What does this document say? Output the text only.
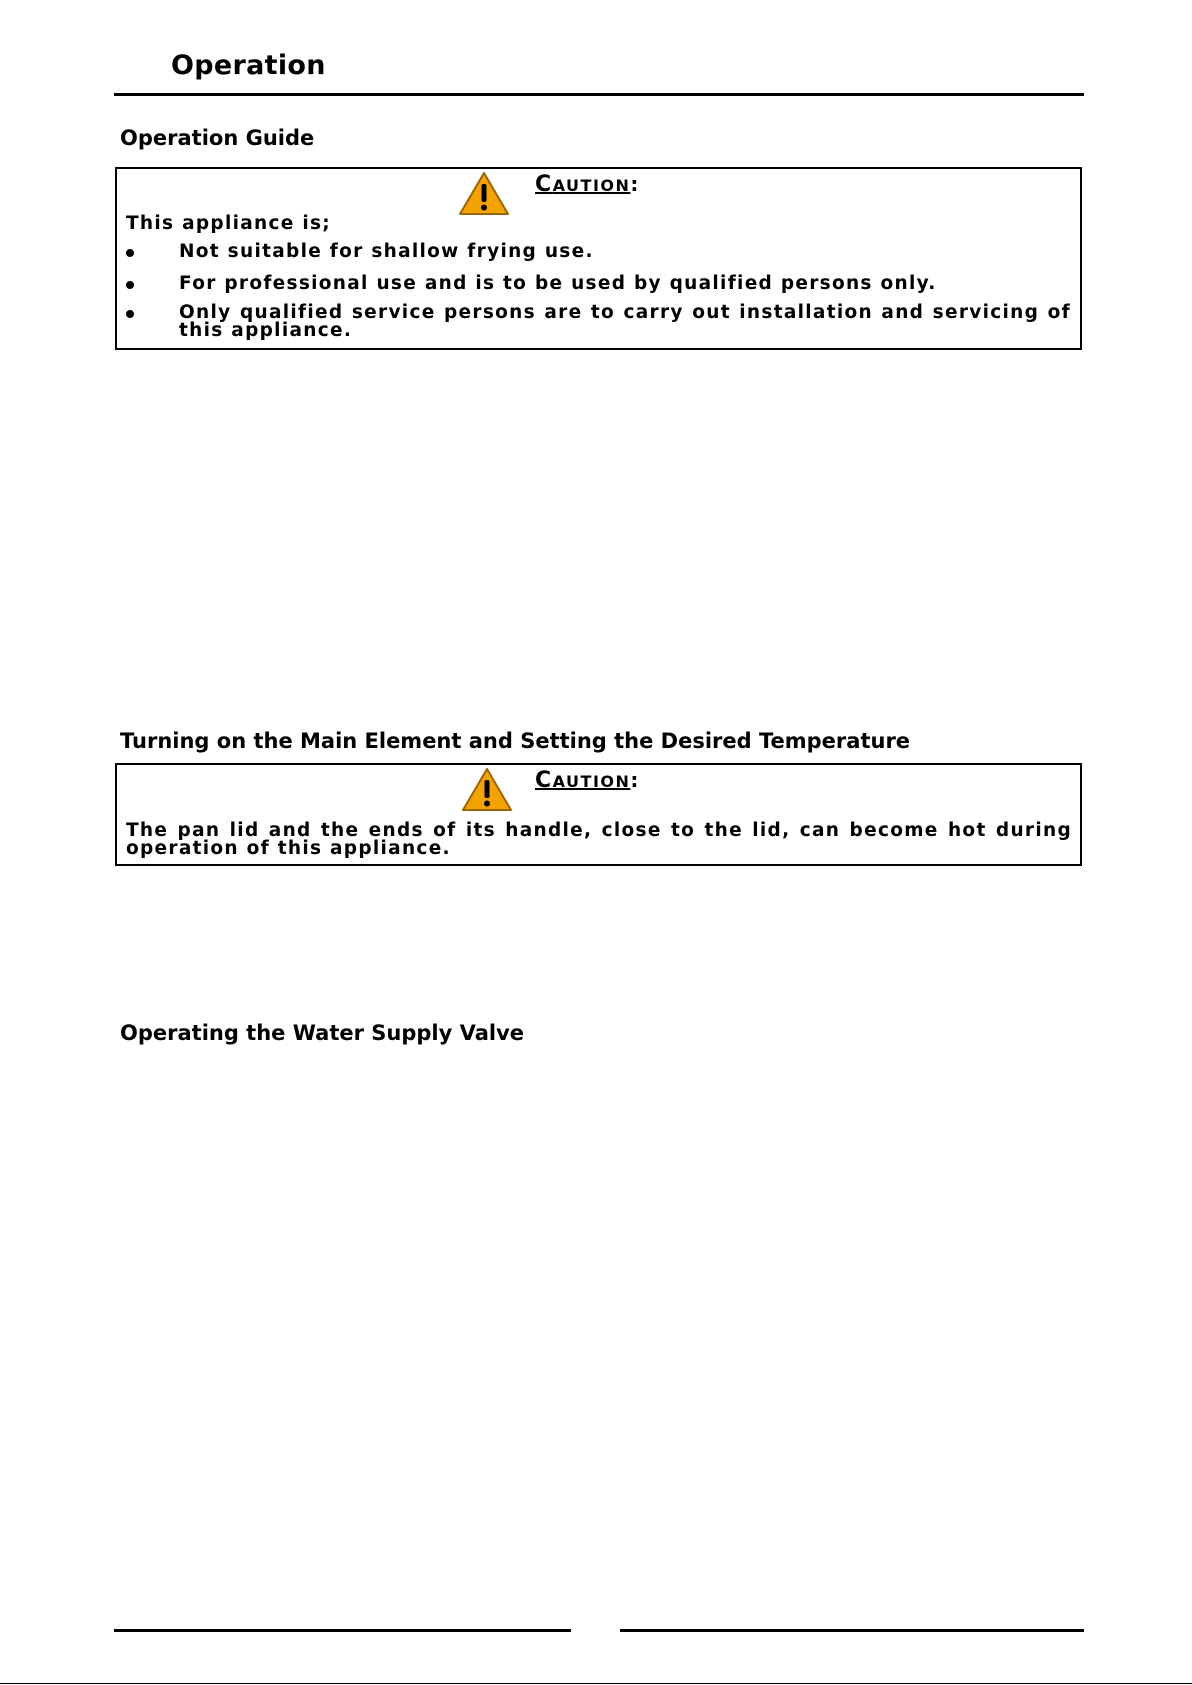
Operation
Operation Guide
CAUTION:
This appliance is;
Not suitable for shallow frying use.
For professional use and is to be used by qualified persons only.
Only qualified service persons are to carry out installation and servicing of
this appliance.
Turning on the Main Element and Setting the Desired Temperature
CAUTION:
The pan lid and the ends of its handle, close to the lid, can become hot during
operation of this appliance.
Operating the Water Supply Valve
